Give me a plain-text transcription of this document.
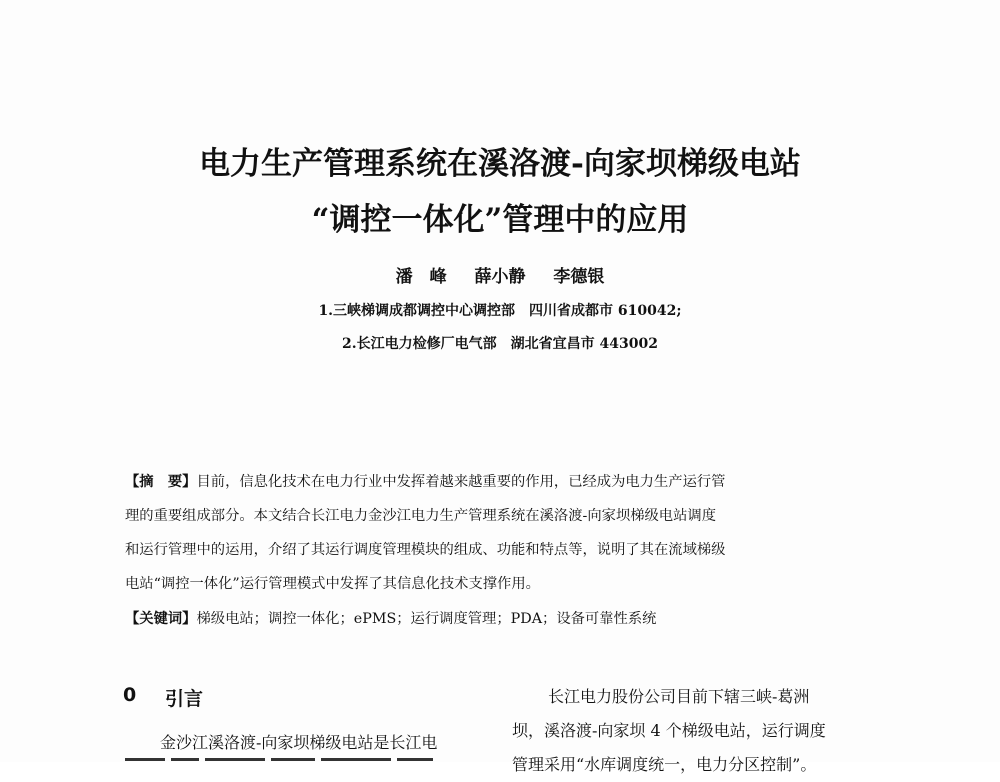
电力生产管理系统在溪洛渡-向家坝梯级电站
“调控一体化”管理中的应用
潘　峰 薛小静 李德银
1.三峡梯调成都调控中心调控部　四川省成都市 610042;
2.长江电力检修厂电气部　湖北省宜昌市 443002
【摘　要】目前，信息化技术在电力行业中发挥着越来越重要的作用，已经成为电力生产运行管
理的重要组成部分。本文结合长江电力金沙江电力生产管理系统在溪洛渡-向家坝梯级电站调度
和运行管理中的运用，介绍了其运行调度管理模块的组成、功能和特点等，说明了其在流域梯级
电站“调控一体化”运行管理模式中发挥了其信息化技术支撑作用。
【关键词】梯级电站；调控一体化；ePMS；运行调度管理；PDA；设备可靠性系统
0 引言
金沙江溪洛渡-向家坝梯级电站是长江电
长江电力股份公司目前下辖三峡-葛洲
坝，溪洛渡-向家坝 4 个梯级电站，运行调度
管理采用“水库调度统一，电力分区控制”。
